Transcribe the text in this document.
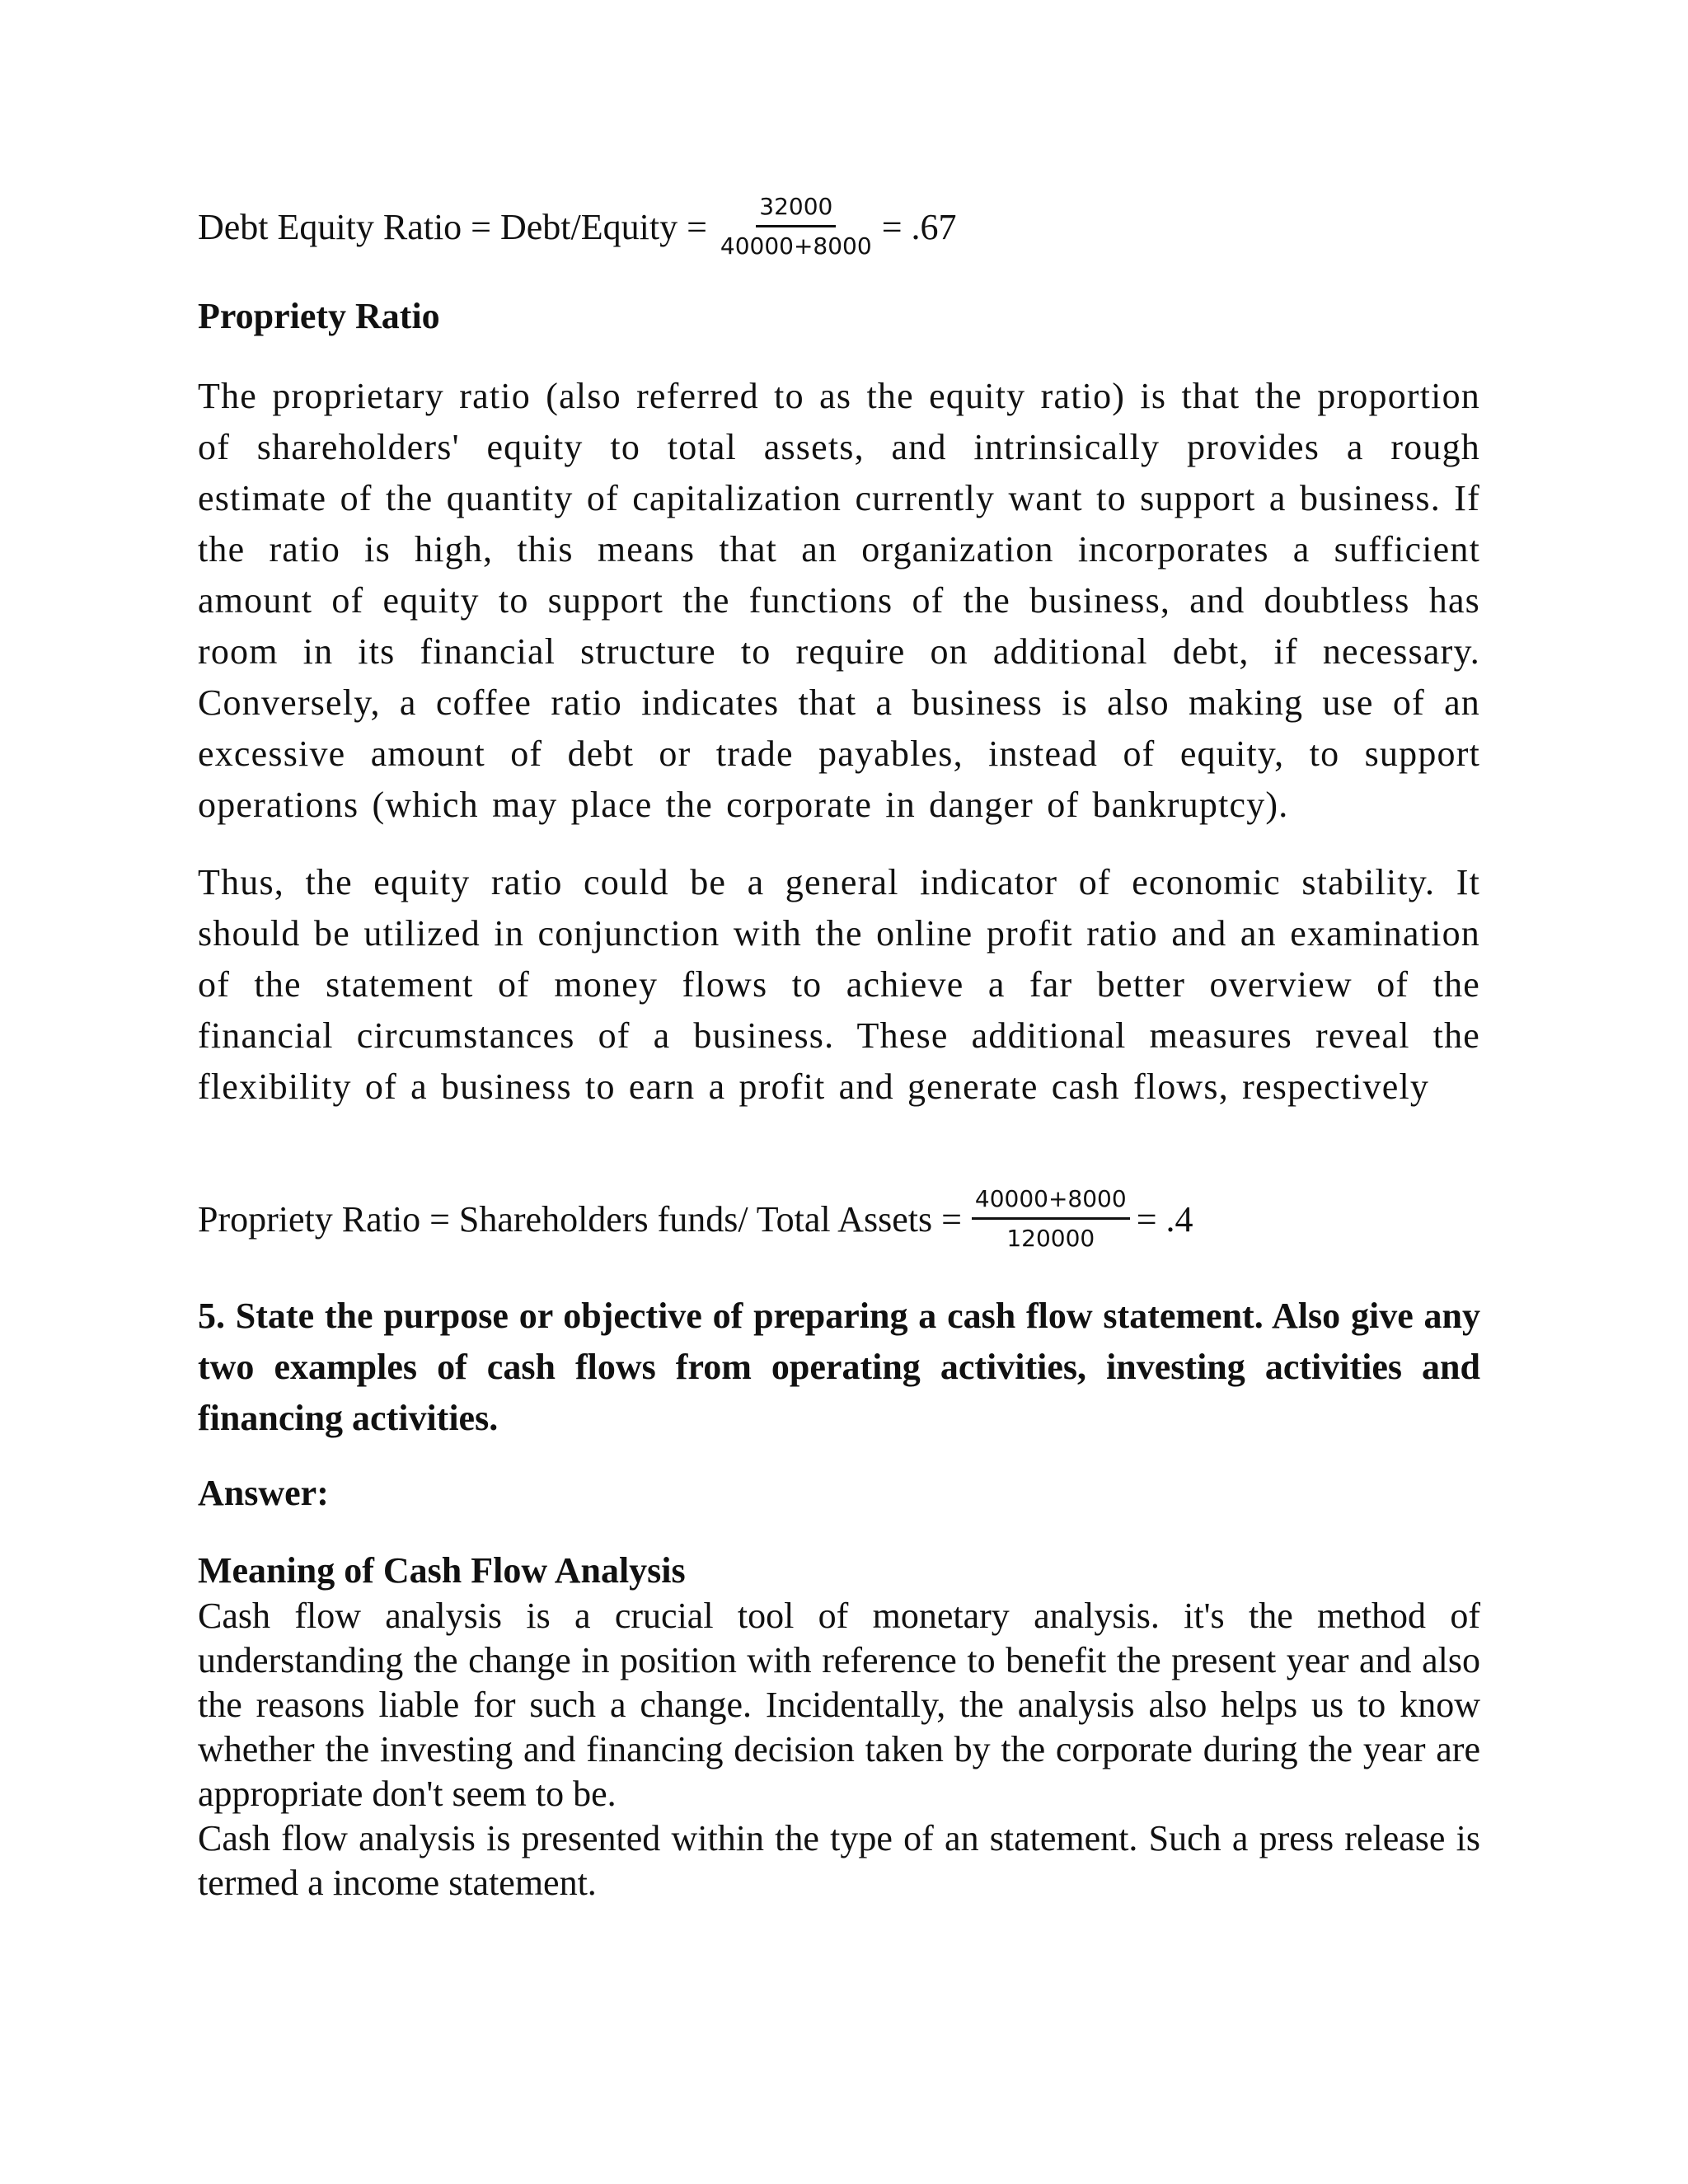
Debt Equity Ratio = Debt/Equity = $\frac{32000}{40000+8000} = .67$
Propriety Ratio

The proprietary ratio (also referred to as the equity ratio) is that the proportion of shareholders' equity to total assets, and intrinsically provides a rough estimate of the quantity of capitalization currently want to support a business. If the ratio is high, this means that an organization incorporates a sufficient amount of equity to support the functions of the business, and doubtless has room in its financial structure to require on additional debt, if necessary. Conversely, a coffee ratio indicates that a business is also making use of an excessive amount of debt or trade payables, instead of equity, to support operations (which may place the corporate in danger of bankruptcy).

Thus, the equity ratio could be a general indicator of economic stability. It should be utilized in conjunction with the online profit ratio and an examination of the statement of money flows to achieve a far better overview of the financial circumstances of a business. These additional measures reveal the flexibility of a business to earn a profit and generate cash flows, respectively

Propriety Ratio = Shareholders funds/ Total Assets = $\frac{40000+8000}{120000} = .4$

5. State the purpose or objective of preparing a cash flow statement. Also give any two examples of cash flows from operating activities, investing activities and financing activities.

Answer:
Meaning of Cash Flow Analysis

Cash flow analysis is a crucial tool of monetary analysis. it's the method of understanding the change in position with reference to benefit the present year and also the reasons liable for such a change. Incidentally, the analysis also helps us to know whether the investing and financing decision taken by the corporate during the year are appropriate don't seem to be.

Cash flow analysis is presented within the type of an statement. Such a press release is termed a income statement.
